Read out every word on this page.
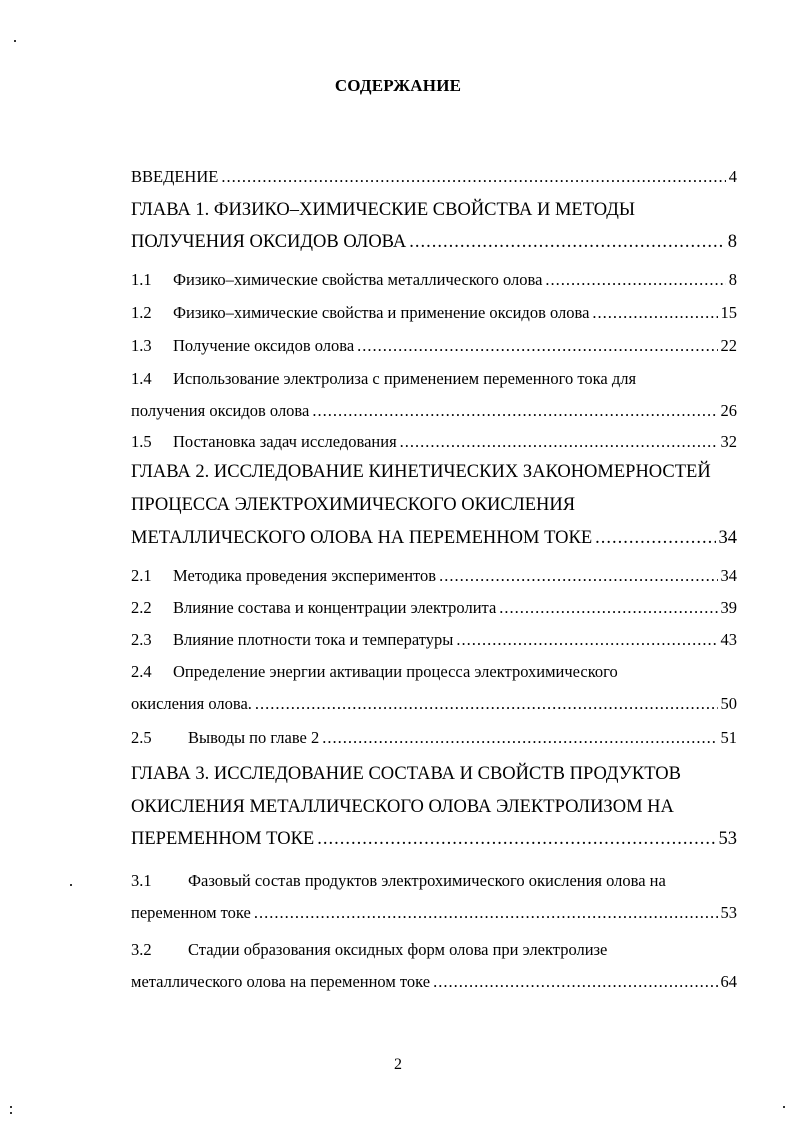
СОДЕРЖАНИЕ
ВВЕДЕНИЕ .....	4
ГЛАВА 1. ФИЗИКО–ХИМИЧЕСКИЕ СВОЙСТВА И МЕТОДЫ
ПОЛУЧЕНИЯ ОКСИДОВ ОЛОВА .....	8
1.1	Физико–химические свойства металлического олова .....	8
1.2	Физико–химические свойства и применение оксидов олова .....	15
1.3	Получение оксидов олова .....	22
1.4 Использование электролиза с применением переменного тока для
получения оксидов олова .....	26
1.5	Постановка задач исследования .....	32
ГЛАВА 2. ИССЛЕДОВАНИЕ КИНЕТИЧЕСКИХ ЗАКОНОМЕРНОСТЕЙ
ПРОЦЕССА ЭЛЕКТРОХИМИЧЕСКОГО ОКИСЛЕНИЯ
МЕТАЛЛИЧЕСКОГО ОЛОВА НА ПЕРЕМЕННОМ ТОКЕ .....	34
2.1	Методика проведения экспериментов .....	34
2.2	Влияние состава и концентрации электролита .....	39
2.3	Влияние плотности тока и температуры .....	43
2.4 Определение энергии активации процесса электрохимического
окисления олова. .....	50
2.5	Выводы по главе 2 .....	51
ГЛАВА 3. ИССЛЕДОВАНИЕ СОСТАВА И СВОЙСТВ ПРОДУКТОВ
ОКИСЛЕНИЯ МЕТАЛЛИЧЕСКОГО ОЛОВА ЭЛЕКТРОЛИЗОМ НА
ПЕРЕМЕННОМ ТОКЕ .....	53
3.1 Фазовый состав продуктов электрохимического окисления олова на
переменном токе .....	53
3.2 Стадии образования оксидных форм олова при электролизе
металлического олова на переменном токе .....	64
2
